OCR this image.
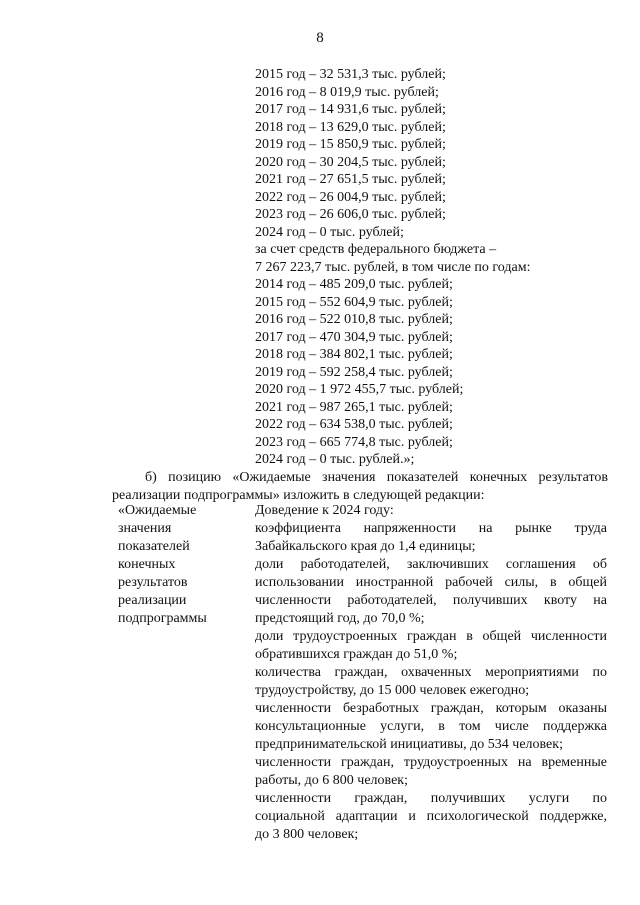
8
2015 год – 32 531,3 тыс. рублей;
2016 год – 8 019,9 тыс. рублей;
2017 год – 14 931,6 тыс. рублей;
2018 год – 13 629,0 тыс. рублей;
2019 год – 15 850,9 тыс. рублей;
2020 год – 30 204,5 тыс. рублей;
2021 год – 27 651,5 тыс. рублей;
2022 год – 26 004,9 тыс. рублей;
2023 год – 26 606,0 тыс. рублей;
2024 год – 0 тыс. рублей;
за счет средств федерального бюджета –
7 267 223,7 тыс. рублей, в том числе по годам:
2014 год – 485 209,0 тыс. рублей;
2015 год – 552 604,9 тыс. рублей;
2016 год – 522 010,8 тыс. рублей;
2017 год – 470 304,9 тыс. рублей;
2018 год – 384 802,1 тыс. рублей;
2019 год – 592 258,4 тыс. рублей;
2020 год – 1 972 455,7 тыс. рублей;
2021 год – 987 265,1 тыс. рублей;
2022 год – 634 538,0 тыс. рублей;
2023 год – 665 774,8 тыс. рублей;
2024 год – 0 тыс. рублей.»;
б) позицию «Ожидаемые значения показателей конечных результатов реализации подпрограммы» изложить в следующей редакции:
«Ожидаемые
значения
показателей
конечных
результатов
реализации
подпрограммы
Доведение к 2024 году:
коэффициента напряженности на рынке труда
Забайкальского края до 1,4 единицы;
доли работодателей, заключивших соглашения об
использовании иностранной рабочей силы, в общей
численности работодателей, получивших квоту на
предстоящий год, до 70,0 %;
доли трудоустроенных граждан в общей численности
обратившихся граждан до 51,0 %;
количества граждан, охваченных мероприятиями по
трудоустройству, до 15 000 человек ежегодно;
численности безработных граждан, которым оказаны
консультационные услуги, в том числе поддержка
предпринимательской инициативы, до 534 человек;
численности граждан, трудоустроенных на временные
работы, до 6 800 человек;
численности граждан, получивших услуги по
социальной адаптации и психологической поддержке,
до 3 800 человек;
